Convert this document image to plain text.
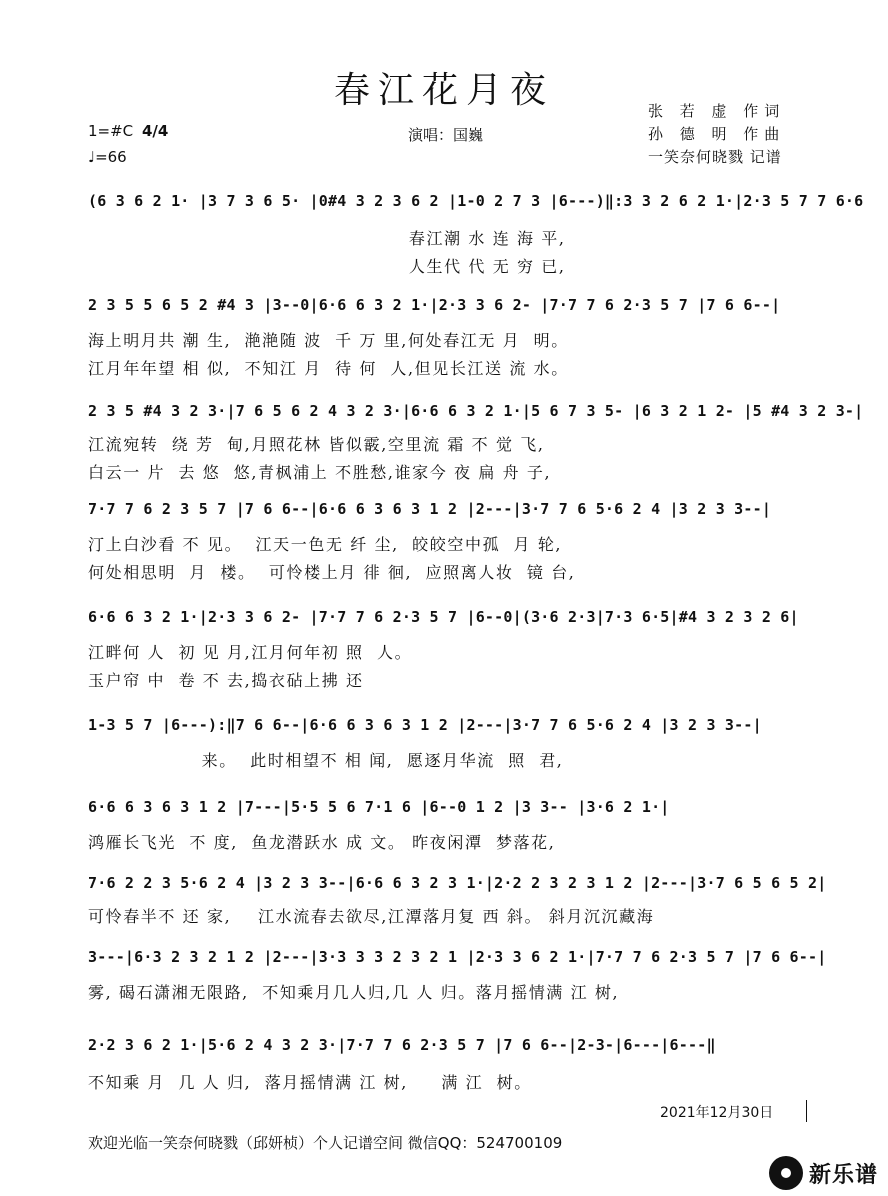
春江花月夜
1=#C 4/4
♩=66
演唱：国巍
张 若 虚 作词
孙 德 明 作曲
一笑奈何晓戮 记谱
(6 3 6 2 1· |3 7 3 6 5· |0#4 3 2 3 6 2 |1-0 2 7 3 |6---)‖:3 3 2 6 2 1·|2·3 5 7 7 6·6
春江潮 水 连 海 平,
人生代 代 无 穷 已,
2 3 5 5 6 5 2 #4 3 |3--0|6·6 6 3 2 1·|2·3 3 6 2- |7·7 7 6 2·3 5 7 |7 6 6--|
海上明月共 潮 生,  滟滟随 波  千 万 里,何处春江无 月  明。
江月年年望 相 似,  不知江 月  待 何  人,但见长江送 流 水。
2 3 5 #4 3 2 3·|7 6 5 6 2 4 3 2 3·|6·6 6 3 2 1·|5 6 7 3 5- |6 3 2 1 2- |5 #4 3 2 3-|
江流宛转  绕 芳  甸,月照花林 皆似霰,空里流 霜 不 觉 飞,
白云一 片  去 悠  悠,青枫浦上 不胜愁,谁家今 夜 扁 舟 子,
7·7 7 6 2 3 5 7 |7 6 6--|6·6 6 3 6 3 1 2 |2---|3·7 7 6 5·6 2 4 |3 2 3 3--|
汀上白沙看 不 见。  江天一色无 纤 尘,  皎皎空中孤  月 轮,
何处相思明  月  楼。  可怜楼上月 徘 徊,  应照离人妆  镜 台,
6·6 6 3 2 1·|2·3 3 6 2- |7·7 7 6 2·3 5 7 |6--0|(3·6 2·3|7·3 6·5|#4 3 2 3 2 6|
江畔何 人  初 见 月,江月何年初 照  人。
玉户帘 中  卷 不 去,捣衣砧上拂 还
1-3 5 7 |6---):‖7 6 6--|6·6 6 3 6 3 1 2 |2---|3·7 7 6 5·6 2 4 |3 2 3 3--|
来。  此时相望不 相 闻,  愿逐月华流  照  君,
6·6 6 3 6 3 1 2 |7---|5·5 5 6 7·1 6 |6--0 1 2 |3 3-- |3·6 2 1·|
鸿雁长飞光  不 度,  鱼龙潜跃水 成 文。 昨夜闲潭  梦落花,
7·6 2 2 3 5·6 2 4 |3 2 3 3--|6·6 6 3 2 3 1·|2·2 2 3 2 3 1 2 |2---|3·7 6 5 6 5 2|
可怜春半不 还 家,    江水流春去欲尽,江潭落月复 西 斜。 斜月沉沉藏海
3---|6·3 2 3 2 1 2 |2---|3·3 3 3 2 3 2 1 |2·3 3 6 2 1·|7·7 7 6 2·3 5 7 |7 6 6--|
雾, 碣石潇湘无限路,  不知乘月几人归,几 人 归。落月摇情满 江 树,
2·2 3 6 2 1·|5·6 2 4 3 2 3·|7·7 7 6 2·3 5 7 |7 6 6--|2-3-|6---|6---‖
不知乘 月  几 人 归,  落月摇情满 江 树,     满 江  树。
2021年12月30日
欢迎光临一笑奈何晓戮（邱妍桢）个人记谱空间 微信QQ：524700109
新乐谱
